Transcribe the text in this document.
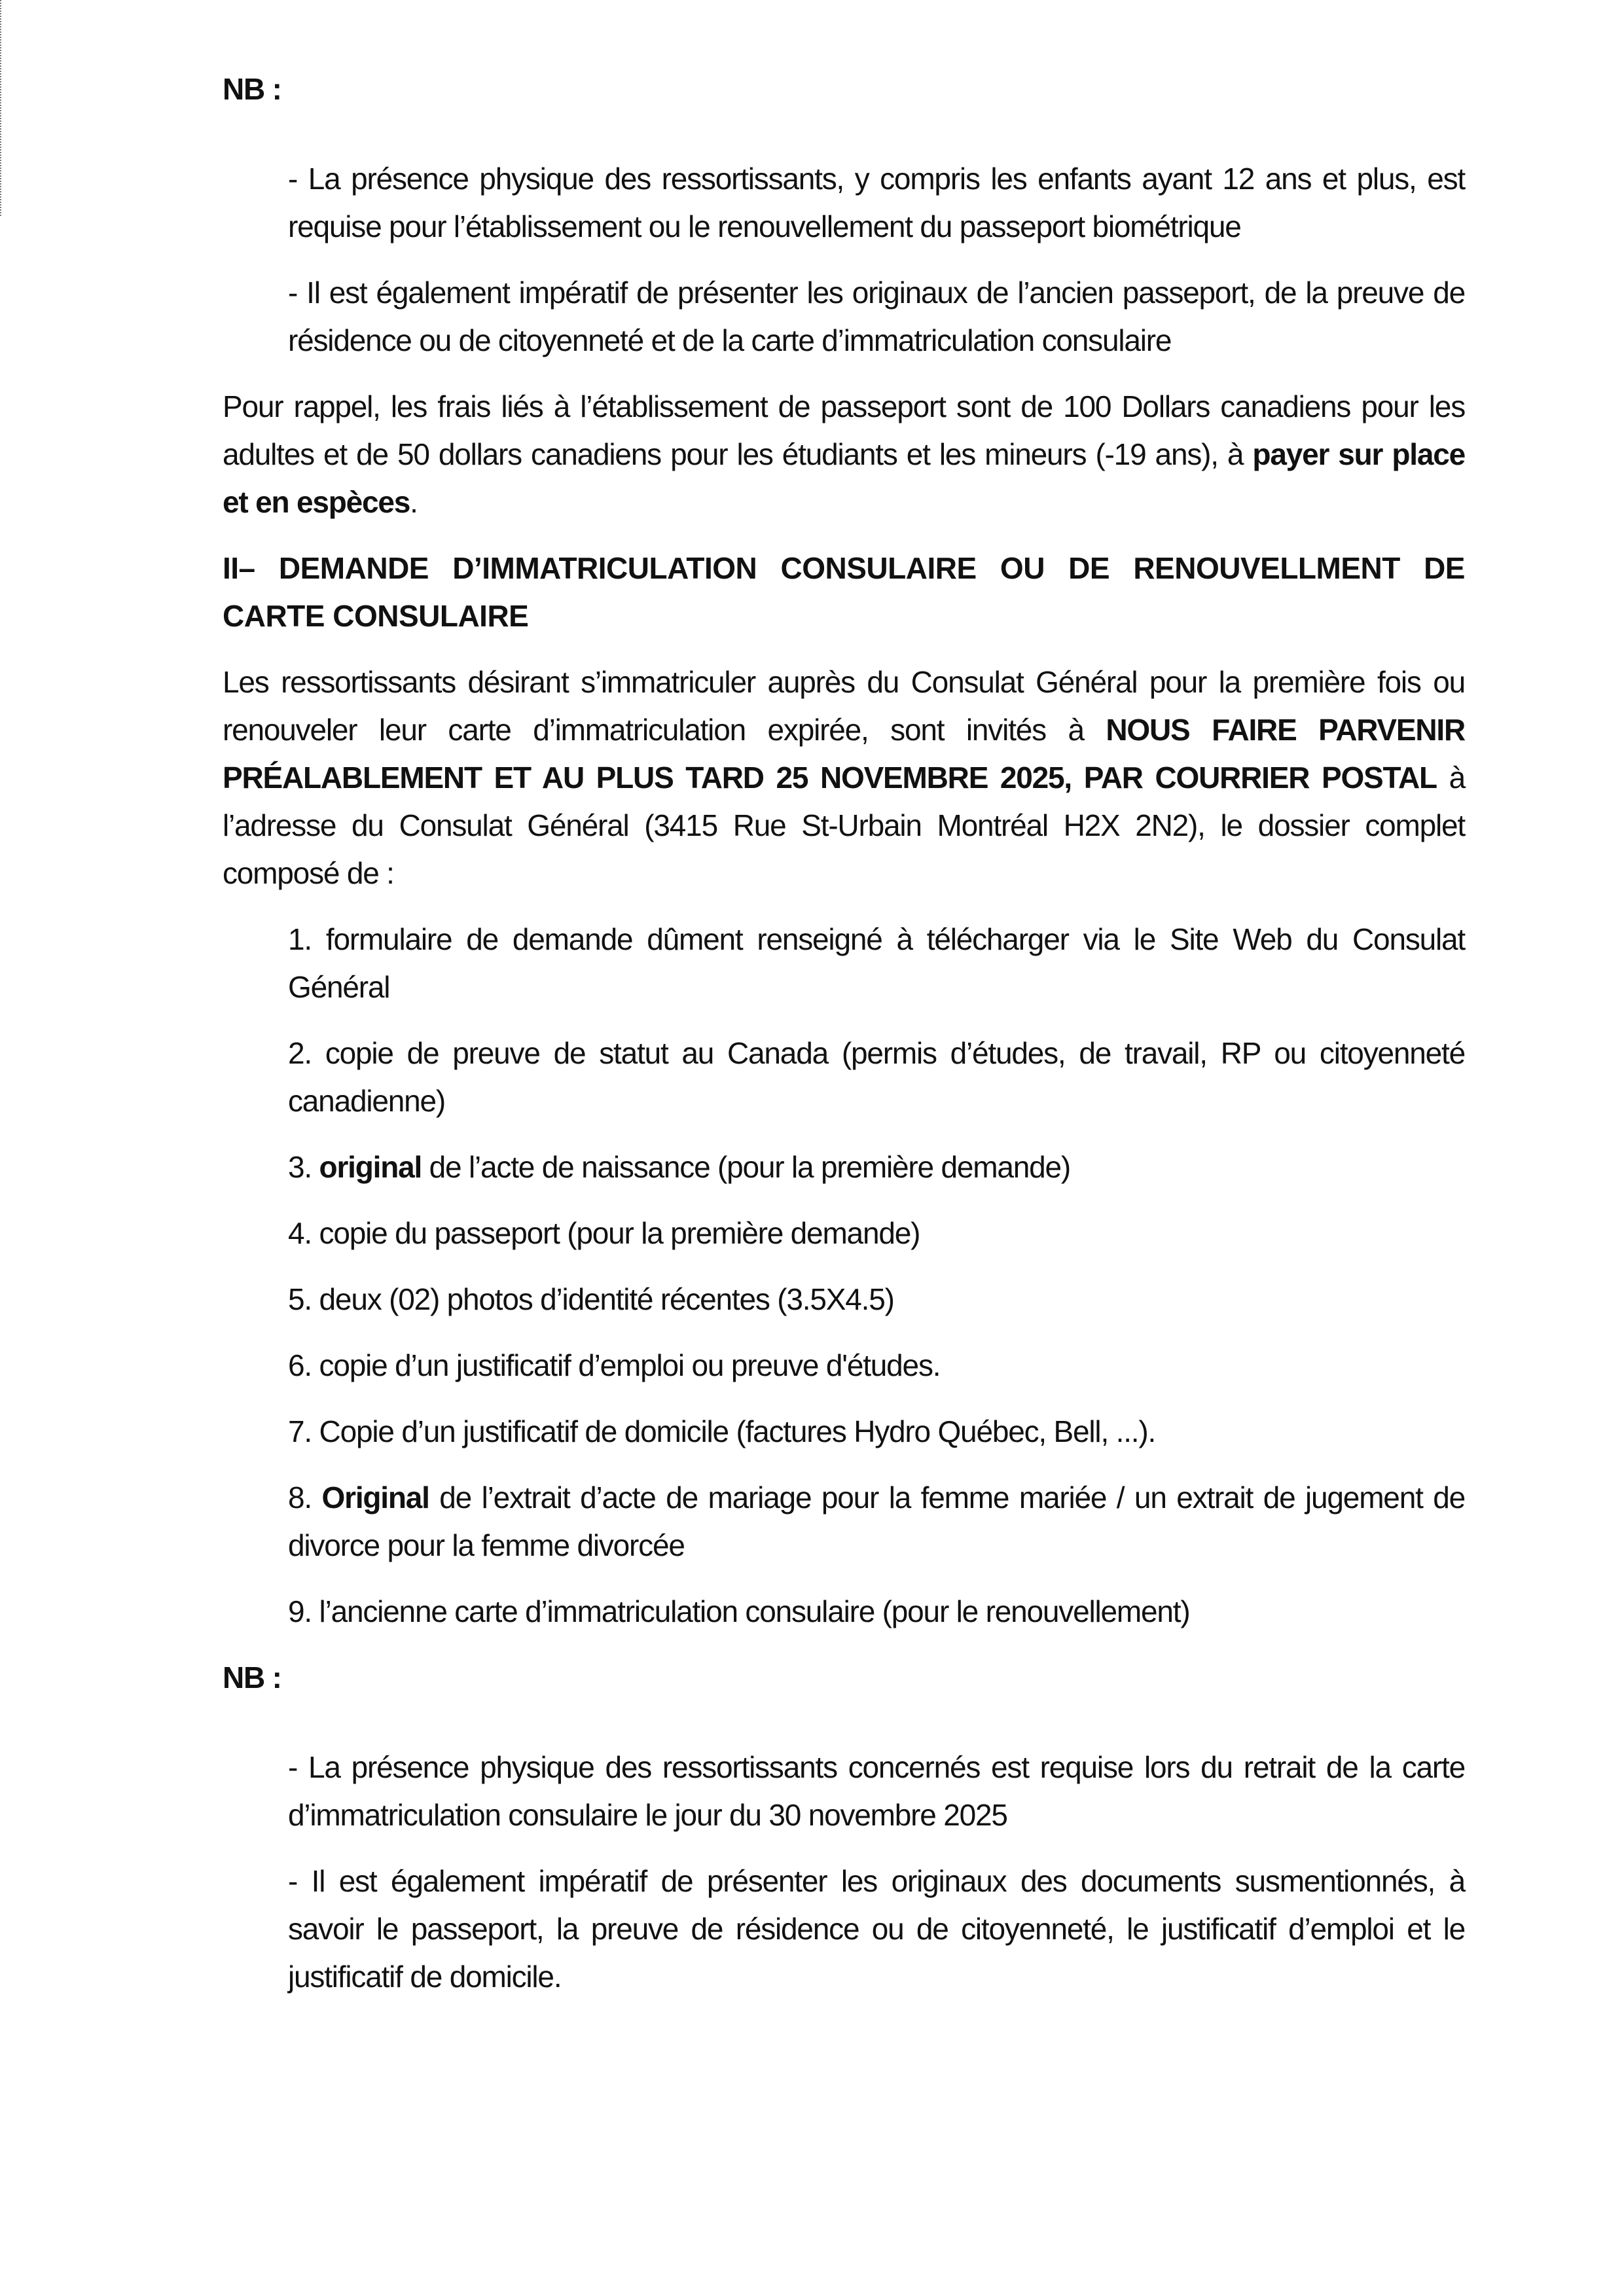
NB :

- La présence physique des ressortissants, y compris les enfants ayant 12 ans et plus, est requise pour l’établissement ou le renouvellement du passeport biométrique

- Il est également impératif de présenter les originaux de l’ancien passeport, de la preuve de résidence ou de citoyenneté et de la carte d’immatriculation consulaire

Pour rappel, les frais liés à l’établissement de passeport sont de 100 Dollars canadiens pour les adultes et de 50 dollars canadiens pour les étudiants et les mineurs (-19 ans), à payer sur place et en espèces.

II– DEMANDE D’IMMATRICULATION CONSULAIRE OU DE RENOUVELLMENT DE CARTE CONSULAIRE

Les ressortissants désirant s’immatriculer auprès du Consulat Général pour la première fois ou renouveler leur carte d’immatriculation expirée, sont invités à NOUS FAIRE PARVENIR PRÉALABLEMENT ET AU PLUS TARD 25 NOVEMBRE 2025, PAR COURRIER POSTAL à l’adresse du Consulat Général (3415 Rue St-Urbain Montréal H2X 2N2), le dossier complet composé de :

1. formulaire de demande dûment renseigné à télécharger via le Site Web du Consulat Général

2. copie de preuve de statut au Canada (permis d’études, de travail, RP ou citoyenneté canadienne)

3. original de l’acte de naissance (pour la première demande)

4. copie du passeport (pour la première demande)

5. deux (02) photos d’identité récentes (3.5X4.5)

6. copie d’un justificatif d’emploi ou preuve d'études.

7. Copie d’un justificatif de domicile (factures Hydro Québec, Bell, ...).

8. Original de l’extrait d’acte de mariage pour la femme mariée / un extrait de jugement de divorce pour la femme divorcée

9. l’ancienne carte d’immatriculation consulaire (pour le renouvellement)

NB :

- La présence physique des ressortissants concernés est requise lors du retrait de la carte d’immatriculation consulaire le jour du 30 novembre 2025

- Il est également impératif de présenter les originaux des documents susmentionnés, à savoir le passeport, la preuve de résidence ou de citoyenneté, le justificatif d’emploi et le justificatif de domicile.
